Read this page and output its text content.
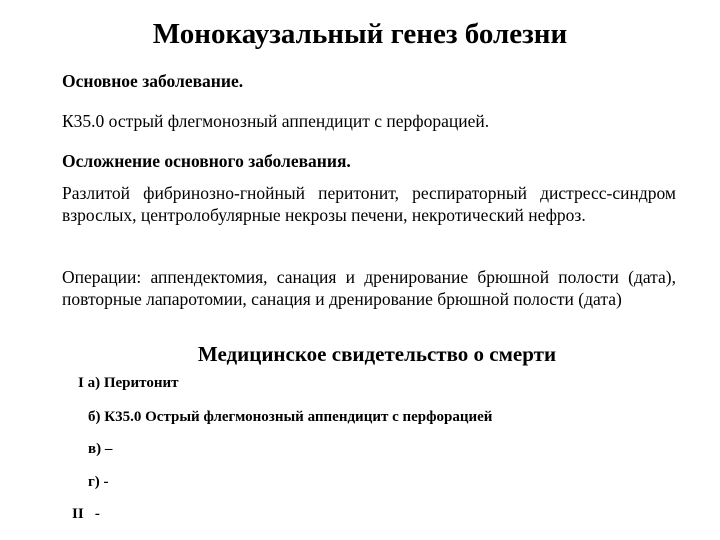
Монокаузальный генез болезни

Основное заболевание.

К35.0 острый флегмонозный аппендицит с перфорацией.

Осложнение основного заболевания.

Разлитой фибринозно-гнойный перитонит, респираторный дистресс-синдром взрослых, центролобулярные некрозы печени, некротический нефроз.

Операции: аппендектомия, санация и дренирование брюшной полости (дата), повторные лапаротомии, санация и дренирование брюшной полости (дата)

Медицинское свидетельство о смерти
I а) Перитонит
б) К35.0 Острый флегмонозный аппендицит с перфорацией
в) –
г) -
II   -
